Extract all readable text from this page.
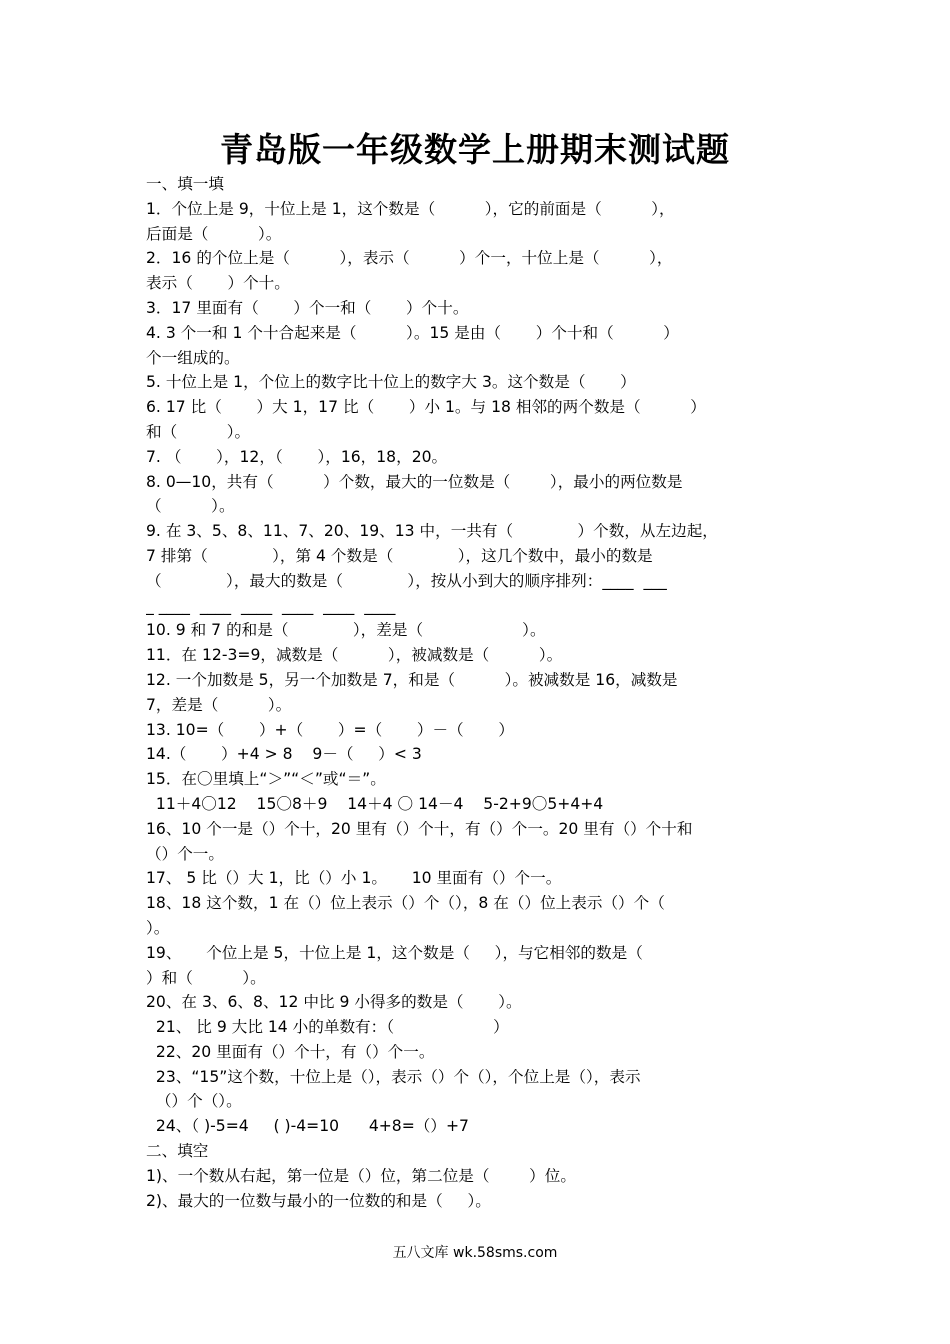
青岛版一年级数学上册期末测试题
一、填一填
1．个位上是 9，十位上是 1，这个数是（          ），它的前面是（          ），
后面是（          ）。
2．16 的个位上是（          ），表示（          ）个一，十位上是（          ），
表示（       ）个十。
3．17 里面有（       ）个一和（       ）个十。
4. 3 个一和 1 个十合起来是（          ）。15 是由（       ）个十和（          ）
个一组成的。
5. 十位上是 1，个位上的数字比十位上的数字大 3。这个数是（       ）
6. 17 比（       ）大 1，17 比（       ）小 1。与 18 相邻的两个数是（          ）
和（          ）。
7. （       ），12，（       ），16，18，20。
8. 0—10，共有（          ）个数，最大的一位数是（        ），最小的两位数是
（          ）。
9. 在 3、5、8、11、7、20、19、13 中，一共有（             ）个数，从左边起，
7 排第（             ），第 4 个数是（             ），这几个数中，最小的数是
（             ），最大的数是（             ），按从小到大的顺序排列：____  ___
_ ____  ____  ____  ____  ____  ____
10. 9 和 7 的和是（             ），差是（                    ）。
11．在 12-3=9，减数是（          ），被减数是（          ）。
12. 一个加数是 5，另一个加数是 7，和是（          ）。被减数是 16，减数是
7，差是（          ）。
13. 10=（       ）+（       ）=（       ）－（       ）
14.（       ）+4 > 8    9－（     ）< 3
15．在〇里填上“＞”“＜”或“＝”。
11＋4〇12    15〇8＋9    14＋4 〇 14－4    5-2+9〇5+4+4
16、10 个一是（）个十，20 里有（）个十，有（）个一。20 里有（）个十和
（）个一。
17、 5 比（）大 1，比（）小 1。     10 里面有（）个一。
18、18 这个数，1 在（）位上表示（）个（），8 在（）位上表示（）个（
）。
19、     个位上是 5，十位上是 1，这个数是（     ），与它相邻的数是（
）和（          ）。
20、在 3、6、8、12 中比 9 小得多的数是（       ）。
21、 比 9 大比 14 小的单数有：（                    ）
22、20 里面有（）个十，有（）个一。
23、“15”这个数，十位上是（），表示（）个（），个位上是（），表示
（）个（）。
24、（ )-5=4     ( )-4=10      4+8=（）+7
二、填空
1)、一个数从右起，第一位是（）位，第二位是（        ）位。
2)、最大的一位数与最小的一位数的和是（     ）。
五八文库 wk.58sms.com
